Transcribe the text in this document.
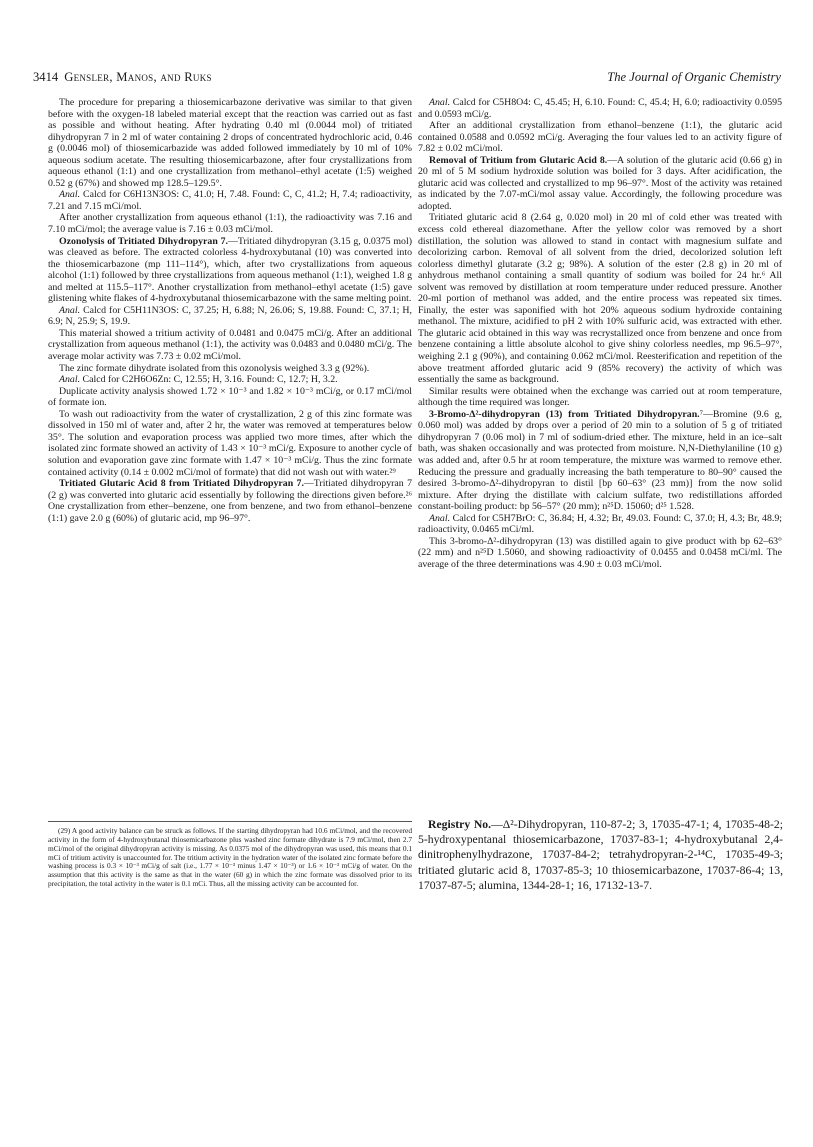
3414 Gensler, Manos, and Ruks	The Journal of Organic Chemistry

The procedure for preparing a thiosemicarbazone derivative was similar to that given before with the oxygen-18 labeled material except that the reaction was carried out as fast as possible and without heating. After hydrating 0.40 ml (0.0044 mol) of tritiated dihydropyran 7 in 2 ml of water containing 2 drops of concentrated hydrochloric acid, 0.46 g (0.0046 mol) of thiosemicarbazide was added followed immediately by 10 ml of 10% aqueous sodium acetate. The resulting thiosemicarbazone, after four crystallizations from aqueous ethanol (1:1) and one crystallization from methanol–ethyl acetate (1:5) weighed 0.52 g (67%) and showed mp 128.5–129.5°.

Anal. Calcd for C6H13N3OS: C, 41.0; H, 7.48. Found: C, C, 41.2; H, 7.4; radioactivity, 7.21 and 7.15 mCi/mol.

After another crystallization from aqueous ethanol (1:1), the radioactivity was 7.16 and 7.10 mCi/mol; the average value is 7.16 ± 0.03 mCi/mol.

Ozonolysis of Tritiated Dihydropyran 7.—Tritiated dihydropyran (3.15 g, 0.0375 mol) was cleaved as before. The extracted colorless 4-hydroxybutanal (10) was converted into the thiosemicarbazone (mp 111–114°), which, after two crystallizations from aqueous alcohol (1:1) followed by three crystallizations from aqueous methanol (1:1), weighed 1.8 g and melted at 115.5–117°. Another crystallization from methanol–ethyl acetate (1:5) gave glistening white flakes of 4-hydroxybutanal thiosemicarbazone with the same melting point.

Anal. Calcd for C5H11N3OS: C, 37.25; H, 6.88; N, 26.06; S, 19.88. Found: C, 37.1; H, 6.9; N, 25.9; S, 19.9.

This material showed a tritium activity of 0.0481 and 0.0475 mCi/g. After an additional crystallization from aqueous methanol (1:1), the activity was 0.0483 and 0.0480 mCi/g. The average molar activity was 7.73 ± 0.02 mCi/mol.

The zinc formate dihydrate isolated from this ozonolysis weighed 3.3 g (92%).

Anal. Calcd for C2H6O6Zn: C, 12.55; H, 3.16. Found: C, 12.7; H, 3.2.

Duplicate activity analysis showed 1.72 × 10⁻³ and 1.82 × 10⁻³ mCi/g, or 0.17 mCi/mol of formate ion.

To wash out radioactivity from the water of crystallization, 2 g of this zinc formate was dissolved in 150 ml of water and, after 2 hr, the water was removed at temperatures below 35°. The solution and evaporation process was applied two more times, after which the isolated zinc formate showed an activity of 1.43 × 10⁻³ mCi/g. Exposure to another cycle of solution and evaporation gave zinc formate with 1.47 × 10⁻³ mCi/g. Thus the zinc formate contained activity (0.14 ± 0.002 mCi/mol of formate) that did not wash out with water.²⁹

Tritiated Glutaric Acid 8 from Tritiated Dihydropyran 7.—Tritiated dihydropyran 7 (2 g) was converted into glutaric acid essentially by following the directions given before.²⁶ One crystallization from ether–benzene, one from benzene, and two from ethanol–benzene (1:1) gave 2.0 g (60%) of glutaric acid, mp 96–97°.

(29) A good activity balance can be struck as follows. If the starting dihydropyran had 10.6 mCi/mol, and the recovered activity in the form of 4-hydroxybutanal thiosemicarbazone plus washed zinc formate dihydrate is 7.9 mCi/mol, then 2.7 mCi/mol of the original dihydropyran activity is missing. As 0.0375 mol of the dihydropyran was used, this means that 0.1 mCi of tritium activity is unaccounted for. The tritium activity in the hydration water of the isolated zinc formate before the washing process is 0.3 × 10⁻³ mCi/g of salt (i.e., 1.77 × 10⁻³ minus 1.47 × 10⁻³) or 1.6 × 10⁻³ mCi/g of water. On the assumption that this activity is the same as that in the water (60 g) in which the zinc formate was dissolved prior to its precipitation, the total activity in the water is 0.1 mCi. Thus, all the missing activity can be accounted for.

Anal. Calcd for C5H8O4: C, 45.45; H, 6.10. Found: C, 45.4; H, 6.0; radioactivity 0.0595 and 0.0593 mCi/g.

After an additional crystallization from ethanol–benzene (1:1), the glutaric acid contained 0.0588 and 0.0592 mCi/g. Averaging the four values led to an activity figure of 7.82 ± 0.02 mCi/mol.

Removal of Tritium from Glutaric Acid 8.—A solution of the glutaric acid (0.66 g) in 20 ml of 5 M sodium hydroxide solution was boiled for 3 days. After acidification, the glutaric acid was collected and crystallized to mp 96–97°. Most of the activity was retained as indicated by the 7.07-mCi/mol assay value. Accordingly, the following procedure was adopted.

Tritiated glutaric acid 8 (2.64 g, 0.020 mol) in 20 ml of cold ether was treated with excess cold ethereal diazomethane. After the yellow color was removed by a short distillation, the solution was allowed to stand in contact with magnesium sulfate and decolorizing carbon. Removal of all solvent from the dried, decolorized solution left colorless dimethyl glutarate (3.2 g; 98%). A solution of the ester (2.8 g) in 20 ml of anhydrous methanol containing a small quantity of sodium was boiled for 24 hr.⁶ All solvent was removed by distillation at room temperature under reduced pressure. Another 20-ml portion of methanol was added, and the entire process was repeated six times. Finally, the ester was saponified with hot 20% aqueous sodium hydroxide containing methanol. The mixture, acidified to pH 2 with 10% sulfuric acid, was extracted with ether. The glutaric acid obtained in this way was recrystallized once from benzene and once from benzene containing a little absolute alcohol to give shiny colorless needles, mp 96.5–97°, weighing 2.1 g (90%), and containing 0.062 mCi/mol. Reesterification and repetition of the above treatment afforded glutaric acid 9 (85% recovery) the activity of which was essentially the same as background.

Similar results were obtained when the exchange was carried out at room temperature, although the time required was longer.

3-Bromo-Δ²-dihydropyran (13) from Tritiated Dihydropyran.⁷—Bromine (9.6 g, 0.060 mol) was added by drops over a period of 20 min to a solution of 5 g of tritiated dihydropyran 7 (0.06 mol) in 7 ml of sodium-dried ether. The mixture, held in an ice–salt bath, was shaken occasionally and was protected from moisture. N,N-Diethylaniline (10 g) was added and, after 0.5 hr at room temperature, the mixture was warmed to remove ether. Reducing the pressure and gradually increasing the bath temperature to 80–90° caused the desired 3-bromo-Δ²-dihydropyran to distil [bp 60–63° (23 mm)] from the now solid mixture. After drying the distillate with calcium sulfate, two redistillations afforded constant-boiling product: bp 56–57° (20 mm); n²⁵D. 15060; d²⁵ 1.528.

Anal. Calcd for C5H7BrO: C, 36.84; H, 4.32; Br, 49.03. Found: C, 37.0; H, 4.3; Br, 48.9; radioactivity, 0.0465 mCi/ml.

This 3-bromo-Δ²-dihydropyran (13) was distilled again to give product with bp 62–63° (22 mm) and n²⁵D 1.5060, and showing radioactivity of 0.0455 and 0.0458 mCi/ml. The average of the three determinations was 4.90 ± 0.03 mCi/mol.

Registry No.—Δ²-Dihydropyran, 110-87-2; 3, 17035-47-1; 4, 17035-48-2; 5-hydroxypentanal thiosemicarbazone, 17037-83-1; 4-hydroxybutanal 2,4-dinitrophenylhydrazone, 17037-84-2; tetrahydropyran-2-¹⁴C, 17035-49-3; tritiated glutaric acid 8, 17037-85-3; 10 thiosemicarbazone, 17037-86-4; 13, 17037-87-5; alumina, 1344-28-1; 16, 17132-13-7.
